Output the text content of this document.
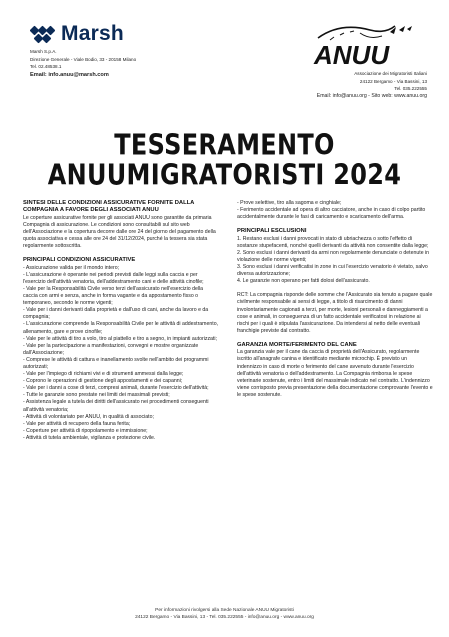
Marsh
Marsh S.p.A.
Direzione Generale - Viale Bodio, 33 - 20158 Milano
Tel. 02.48538.1
Email: info.anuu@marsh.com
ANUU
Associazione dei Migratoristi Italiani
24122 Bergamo - Via Bassini, 13
Tel. 035.222555
Email: info@anuu.org - Sito web: www.anuu.org
TESSERAMENTO
ANUUMIGRATORISTI 2024

SINTESI DELLE CONDIZIONI ASSICURATIVE FORNITE DALLA COMPAGNIA A FAVORE DEGLI ASSOCIATI ANUU

Le coperture assicurative fornite per gli associati ANUU sono garantite da primaria Compagnia di assicurazione. Le condizioni sono consultabili sul sito web dell'Associazione e la copertura decorre dalle ore 24 del giorno del pagamento della quota associativa e cessa alle ore 24 del 31/12/2024, purché la tessera sia stata regolarmente sottoscritta.

PRINCIPALI CONDIZIONI ASSICURATIVE

- Assicurazione valida per il mondo intero;

- L'assicurazione è operante nei periodi previsti dalle leggi sulla caccia e per l'esercizio dell'attività venatoria, dell'addestramento cani e delle attività cinofile;

- Vale per la Responsabilità Civile verso terzi dell'assicurato nell'esercizio della caccia con armi e senza, anche in forma vagante e da appostamento fisso o temporaneo, secondo le norme vigenti;

- Vale per i danni derivanti dalla proprietà e dall'uso di cani, anche da lavoro e da compagnia;

- L'assicurazione comprende la Responsabilità Civile per le attività di addestramento, allenamento, gare e prove cinofile;

- Vale per le attività di tiro a volo, tiro al piattello e tiro a segno, in impianti autorizzati;

- Vale per la partecipazione a manifestazioni, convegni e mostre organizzate dall'Associazione;

- Comprese le attività di cattura e inanellamento svolte nell'ambito dei programmi autorizzati;

- Vale per l'impiego di richiami vivi e di strumenti ammessi dalla legge;

- Coprono le operazioni di gestione degli appostamenti e dei capanni;

- Vale per i danni a cose di terzi, compresi animali, durante l'esercizio dell'attività;

- Tutte le garanzie sono prestate nei limiti dei massimali previsti;

- Assistenza legale a tutela dei diritti dell'assicurato nei procedimenti conseguenti all'attività venatoria;

- Attività di volontariato per ANUU, in qualità di associato;

- Vale per attività di recupero della fauna ferita;

- Coperture per attività di ripopolamento e immissione;

- Attività di tutela ambientale, vigilanza e protezione civile.

- Prove selettive, tiro alla sagoma e cinghiale;

- Ferimento accidentale ad opera di altro cacciatore, anche in caso di colpo partito accidentalmente durante le fasi di caricamento e scaricamento dell'arma.

PRINCIPALI ESCLUSIONI

1. Restano esclusi i danni provocati in stato di ubriachezza o sotto l'effetto di sostanze stupefacenti, nonché quelli derivanti da attività non consentite dalla legge;

2. Sono esclusi i danni derivanti da armi non regolarmente denunciate o detenute in violazione delle norme vigenti;

3. Sono esclusi i danni verificatisi in zone in cui l'esercizio venatorio è vietato, salvo diversa autorizzazione;

4. Le garanzie non operano per fatti dolosi dell'assicurato.

RCT: La compagnia risponde delle somme che l'Assicurato sia tenuto a pagare quale civilmente responsabile ai sensi di legge, a titolo di risarcimento di danni involontariamente cagionati a terzi, per morte, lesioni personali e danneggiamenti a cose e animali, in conseguenza di un fatto accidentale verificatosi in relazione ai rischi per i quali è stipulata l'assicurazione. Da intendersi al netto delle eventuali franchigie previste dal contratto.

GARANZIA MORTE/FERIMENTO DEL CANE

La garanzia vale per il cane da caccia di proprietà dell'Assicurato, regolarmente iscritto all'anagrafe canina e identificato mediante microchip. È previsto un indennizzo in caso di morte o ferimento del cane avvenuto durante l'esercizio dell'attività venatoria o dell'addestramento. La Compagnia rimborsa le spese veterinarie sostenute, entro i limiti del massimale indicato nel contratto. L'indennizzo viene corrisposto previa presentazione della documentazione comprovante l'evento e le spese sostenute.

Per informazioni rivolgersi alla Sede Nazionale ANUU Migratoristi
24122 Bergamo - Via Bassini, 13 - Tel. 035.222555 - info@anuu.org - www.anuu.org
